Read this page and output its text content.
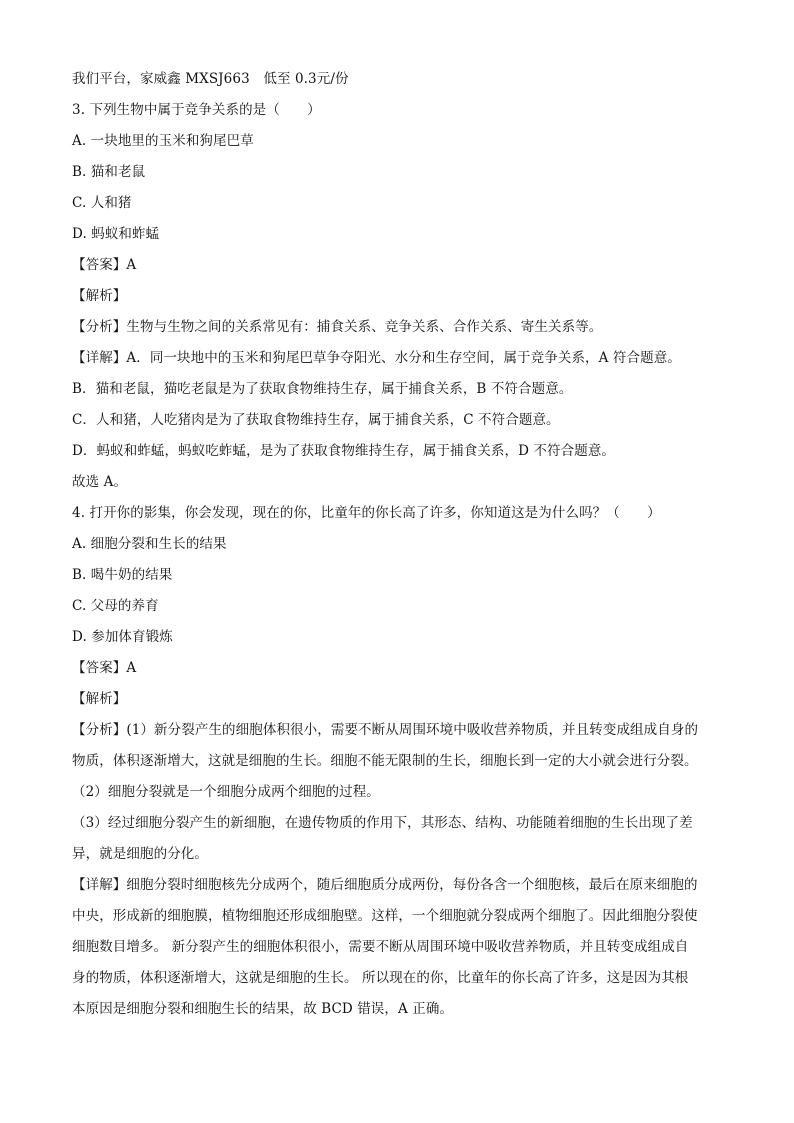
我们平台，家威鑫 MXSJ663　低至 0.3元/份
3. 下列生物中属于竞争关系的是（　　）
A. 一块地里的玉米和狗尾巴草
B. 猫和老鼠
C. 人和猪
D. 蚂蚁和蚱蜢
【答案】A
【解析】
【分析】生物与生物之间的关系常见有：捕食关系、竞争关系、合作关系、寄生关系等。
【详解】A．同一块地中的玉米和狗尾巴草争夺阳光、水分和生存空间，属于竞争关系，A 符合题意。
B．猫和老鼠，猫吃老鼠是为了获取食物维持生存，属于捕食关系，B 不符合题意。
C．人和猪，人吃猪肉是为了获取食物维持生存，属于捕食关系，C 不符合题意。
D．蚂蚁和蚱蜢，蚂蚁吃蚱蜢，是为了获取食物维持生存，属于捕食关系，D 不符合题意。
故选 A。
4. 打开你的影集，你会发现，现在的你，比童年的你长高了许多，你知道这是为什么吗？（　　）
A. 细胞分裂和生长的结果
B. 喝牛奶的结果
C. 父母的养育
D. 参加体育锻炼
【答案】A
【解析】
【分析】(1）新分裂产生的细胞体积很小，需要不断从周围环境中吸收营养物质，并且转变成组成自身的
物质，体积逐渐增大，这就是细胞的生长。细胞不能无限制的生长，细胞长到一定的大小就会进行分裂。
（2）细胞分裂就是一个细胞分成两个细胞的过程。
（3）经过细胞分裂产生的新细胞，在遗传物质的作用下，其形态、结构、功能随着细胞的生长出现了差
异，就是细胞的分化。
【详解】细胞分裂时细胞核先分成两个，随后细胞质分成两份，每份各含一个细胞核，最后在原来细胞的
中央，形成新的细胞膜，植物细胞还形成细胞壁。这样，一个细胞就分裂成两个细胞了。因此细胞分裂使
细胞数目增多。 新分裂产生的细胞体积很小，需要不断从周围环境中吸收营养物质，并且转变成组成自
身的物质，体积逐渐增大，这就是细胞的生长。 所以现在的你，比童年的你长高了许多，这是因为其根
本原因是细胞分裂和细胞生长的结果，故 BCD 错误，A 正确。
